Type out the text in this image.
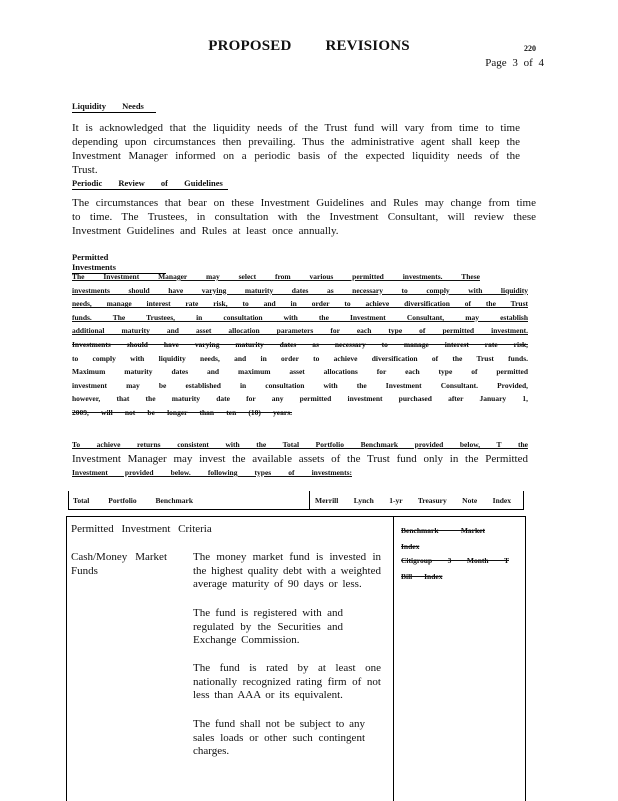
PROPOSED REVISIONS	220
Page 3 of 4
Liquidity Needs
It is acknowledged that the liquidity needs of the Trust fund will vary from time to time depending upon circumstances then prevailing. Thus the administrative agent shall keep the Investment Manager informed on a periodic basis of the expected liquidity needs of the Trust.
Periodic Review of Guidelines
The circumstances that bear on these Investment Guidelines and Rules may change from time to time. The Trustees, in consultation with the Investment Consultant, will review these Investment Guidelines and Rules at least once annually.
Permitted Investments
The Investment Manager may select from various permitted investments. These
investments should have varying maturity dates as necessary to comply with liquidity
needs, manage interest rate risk, to and in order to achieve diversification of the Trust
funds. The Trustees, in consultation with the Investment Consultant, may establish
additional maturity and asset allocation parameters for each type of permitted investment.
Investments should have varying maturity dates as necessary to manage interest rate risk,
to comply with liquidity needs, and in order to achieve diversification of the Trust funds.
Maximum maturity dates and maximum asset allocations for each type of permitted
investment may be established in consultation with the Investment Consultant. Provided,
however, that the maturity date for any permitted investment purchased after January 1,
2009, will not be longer than ten (10) years.
To achieve returns consistent with the Total Portfolio Benchmark provided below, T the
Investment Manager may invest the available assets of the Trust fund only in the Permitted
Investment provided below. following types of investments:
Total Portfolio Benchmark	Merrill Lynch 1-yr Treasury Note Index
Permitted Investment Criteria
Cash/Money Market Funds
The money market fund is invested in the highest quality debt with a weighted average maturity of 90 days or less.
The fund is registered with and regulated by the Securities and Exchange Commission.
The fund is rated by at least one nationally recognized rating firm of not less than AAA or its equivalent.
The fund shall not be subject to any sales loads or other such contingent charges.
Benchmark Market Index
Citigroup 3 Month T Bill Index
